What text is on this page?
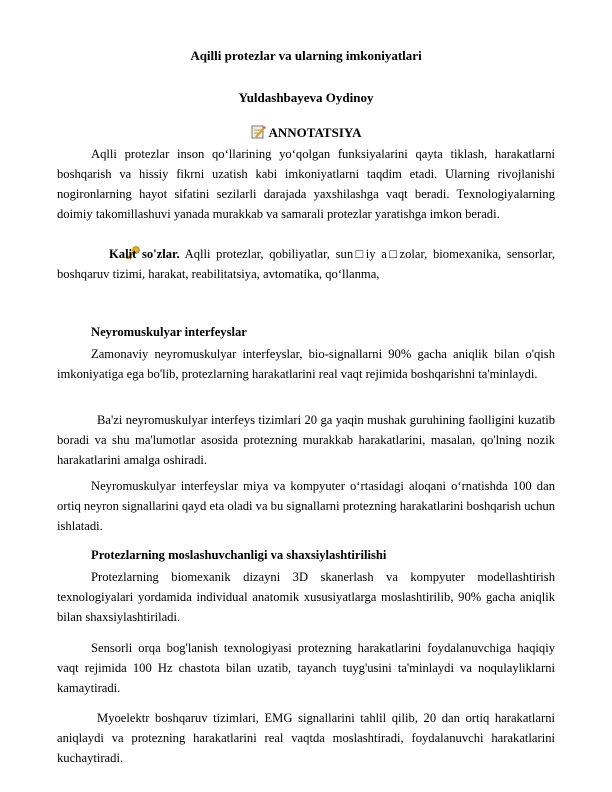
Aqilli protezlar va ularning imkoniyatlari
Yuldashbayeva Oydinoy
ANNOTATSIYA
Aqlli protezlar inson qo‘llarining yo‘qolgan funksiyalarini qayta tiklash, harakatlarni boshqarish va hissiy fikrni uzatish kabi imkoniyatlarni taqdim etadi. Ularning rivojlanishi nogironlarning hayot sifatini sezilarli darajada yaxshilashga vaqt beradi. Texnologiyalarning doimiy takomillashuvi yanada murakkab va samarali protezlar yaratishga imkon beradi.
Kalit so'zlar. Aqlli protezlar, qobiliyatlar, sun□iy a□zolar, biomexanika, sensorlar, boshqaruv tizimi, harakat, reabilitatsiya, avtomatika, qo‘llanma,
Neyromuskulyar interfeyslar
Zamonaviy neyromuskulyar interfeyslar, bio-signallarni 90% gacha aniqlik bilan o'qish imkoniyatiga ega bo'lib, protezlarning harakatlarini real vaqt rejimida boshqarishni ta'minlaydi.
Ba'zi neyromuskulyar interfeys tizimlari 20 ga yaqin mushak guruhining faolligini kuzatib boradi va shu ma'lumotlar asosida protezning murakkab harakatlarini, masalan, qo'lning nozik harakatlarini amalga oshiradi.
Neyromuskulyar interfeyslar miya va kompyuter o‘rtasidagi aloqani o‘rnatishda 100 dan ortiq neyron signallarini qayd eta oladi va bu signallarni protezning harakatlarini boshqarish uchun ishlatadi.
Protezlarning moslashuvchanligi va shaxsiylashtirilishi
Protezlarning biomexanik dizayni 3D skanerlash va kompyuter modellashtirish texnologiyalari yordamida individual anatomik xususiyatlarga moslashtirilib, 90% gacha aniqlik bilan shaxsiylashtiriladi.
Sensorli orqa bog'lanish texnologiyasi protezning harakatlarini foydalanuvchiga haqiqiy vaqt rejimida 100 Hz chastota bilan uzatib, tayanch tuyg'usini ta'minlaydi va noqulayliklarni kamaytiradi.
Myoelektr boshqaruv tizimlari, EMG signallarini tahlil qilib, 20 dan ortiq harakatlarni aniqlaydi va protezning harakatlarini real vaqtda moslashtiradi, foydalanuvchi harakatlarini kuchaytiradi.
